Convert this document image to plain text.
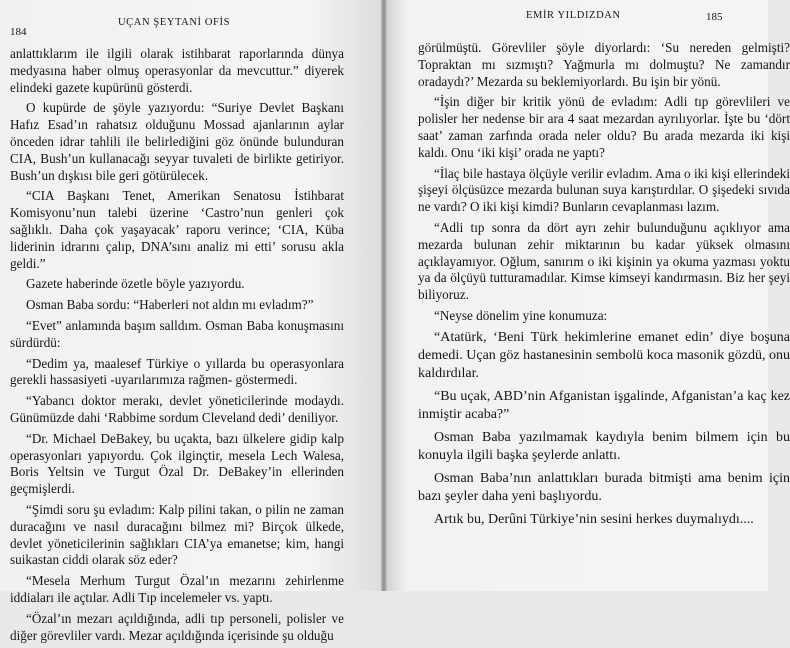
184
UÇAN ŞEYTANİ OFİS

anlattıklarım ile ilgili olarak istihbarat raporlarında dünya medyasına haber olmuş operasyonlar da mevcuttur.” diyerek elindeki gazete kupürünü gösterdi.

O kupürde de şöyle yazıyordu: “Suriye Devlet Başkanı Hafız Esad’ın rahatsız olduğunu Mossad ajanlarının aylar önceden idrar tahlili ile belirlediğini göz önünde bulunduran CIA, Bush’un kullanacağı seyyar tuvaleti de birlikte getiriyor. Bush’un dışkısı bile geri götürülecek.

“CIA Başkanı Tenet, Amerikan Senatosu İstihbarat Komisyonu’nun talebi üzerine ‘Castro’nun genleri çok sağlıklı. Daha çok yaşayacak’ raporu verince; ‘CIA, Küba liderinin idrarını çalıp, DNA’sını analiz mi etti’ sorusu akla geldi.”

Gazete haberinde özetle böyle yazıyordu.

Osman Baba sordu: “Haberleri not aldın mı evladım?”

“Evet” anlamında başım salldım. Osman Baba konuşmasını sürdürdü:

“Dedim ya, maalesef Türkiye o yıllarda bu operasyonlara gerekli hassasiyeti -uyarılarımıza rağmen- göstermedi.

“Yabancı doktor merakı, devlet yöneticilerinde modaydı. Günümüzde dahi ‘Rabbime sordum Cleveland dedi’ deniliyor.

“Dr. Michael DeBakey, bu uçakta, bazı ülkelere gidip kalp operasyonları yapıyordu. Çok ilginçtir, mesela Lech Walesa, Boris Yeltsin ve Turgut Özal Dr. DeBakey’in ellerinden geçmişlerdi.

“Şimdi soru şu evladım: Kalp pilini takan, o pilin ne zaman duracağını ve nasıl duracağını bilmez mi? Birçok ülkede, devlet yöneticilerinin sağlıkları CIA’ya emanetse; kim, hangi suikastan ciddi olarak söz eder?

“Mesela Merhum Turgut Özal’ın mezarını zehirlenme iddiaları ile açtılar. Adli Tıp incelemeler vs. yaptı.

“Özal’ın mezarı açıldığında, adli tıp personeli, polisler ve diğer görevliler vardı. Mezar açıldığında içerisinde şu olduğu

EMİR YILDIZDAN	185

görülmüştü. Görevliler şöyle diyorlardı: ‘Su nereden gelmişti? Topraktan mı sızmıştı? Yağmurla mı dolmuştu? Ne zamandır oradaydı?’ Mezarda su beklemiyorlardı. Bu işin bir yönü.

“İşin diğer bir kritik yönü de evladım: Adli tıp görevlileri ve polisler her nedense bir ara 4 saat mezardan ayrılıyorlar. İşte bu ‘dört saat’ zaman zarfında orada neler oldu? Bu arada mezarda iki kişi kaldı. Onu ‘iki kişi’ orada ne yaptı?

“İlaç bile hastaya ölçüyle verilir evladım. Ama o iki kişi ellerindeki şişeyi ölçüsüzce mezarda bulunan suya karıştırdılar. O şişedeki sıvıda ne vardı? O iki kişi kimdi? Bunların cevaplanması lazım.

“Adli tıp sonra da dört ayrı zehir bulunduğunu açıklıyor ama mezarda bulunan zehir miktarının bu kadar yüksek olmasını açıklayamıyor. Oğlum, sanırım o iki kişinin ya okuma yazması yoktu ya da ölçüyü tutturamadılar. Kimse kimseyi kandırmasın. Biz her şeyi biliyoruz.

“Neyse dönelim yine konumuza:

“Atatürk, ‘Beni Türk hekimlerine emanet edin’ diye boşuna demedi. Uçan göz hastanesinin sembolü koca masonik gözdü, onu kaldırdılar.

“Bu uçak, ABD’nin Afganistan işgalinde, Afganistan’a kaç kez inmiştir acaba?”

Osman Baba yazılmamak kaydıyla benim bilmem için bu konuyla ilgili başka şeylerde anlattı.

Osman Baba’nın anlattıkları burada bitmişti ama benim için bazı şeyler daha yeni başlıyordu.

Artık bu, Derûni Türkiye’nin sesini herkes duymalıydı....
